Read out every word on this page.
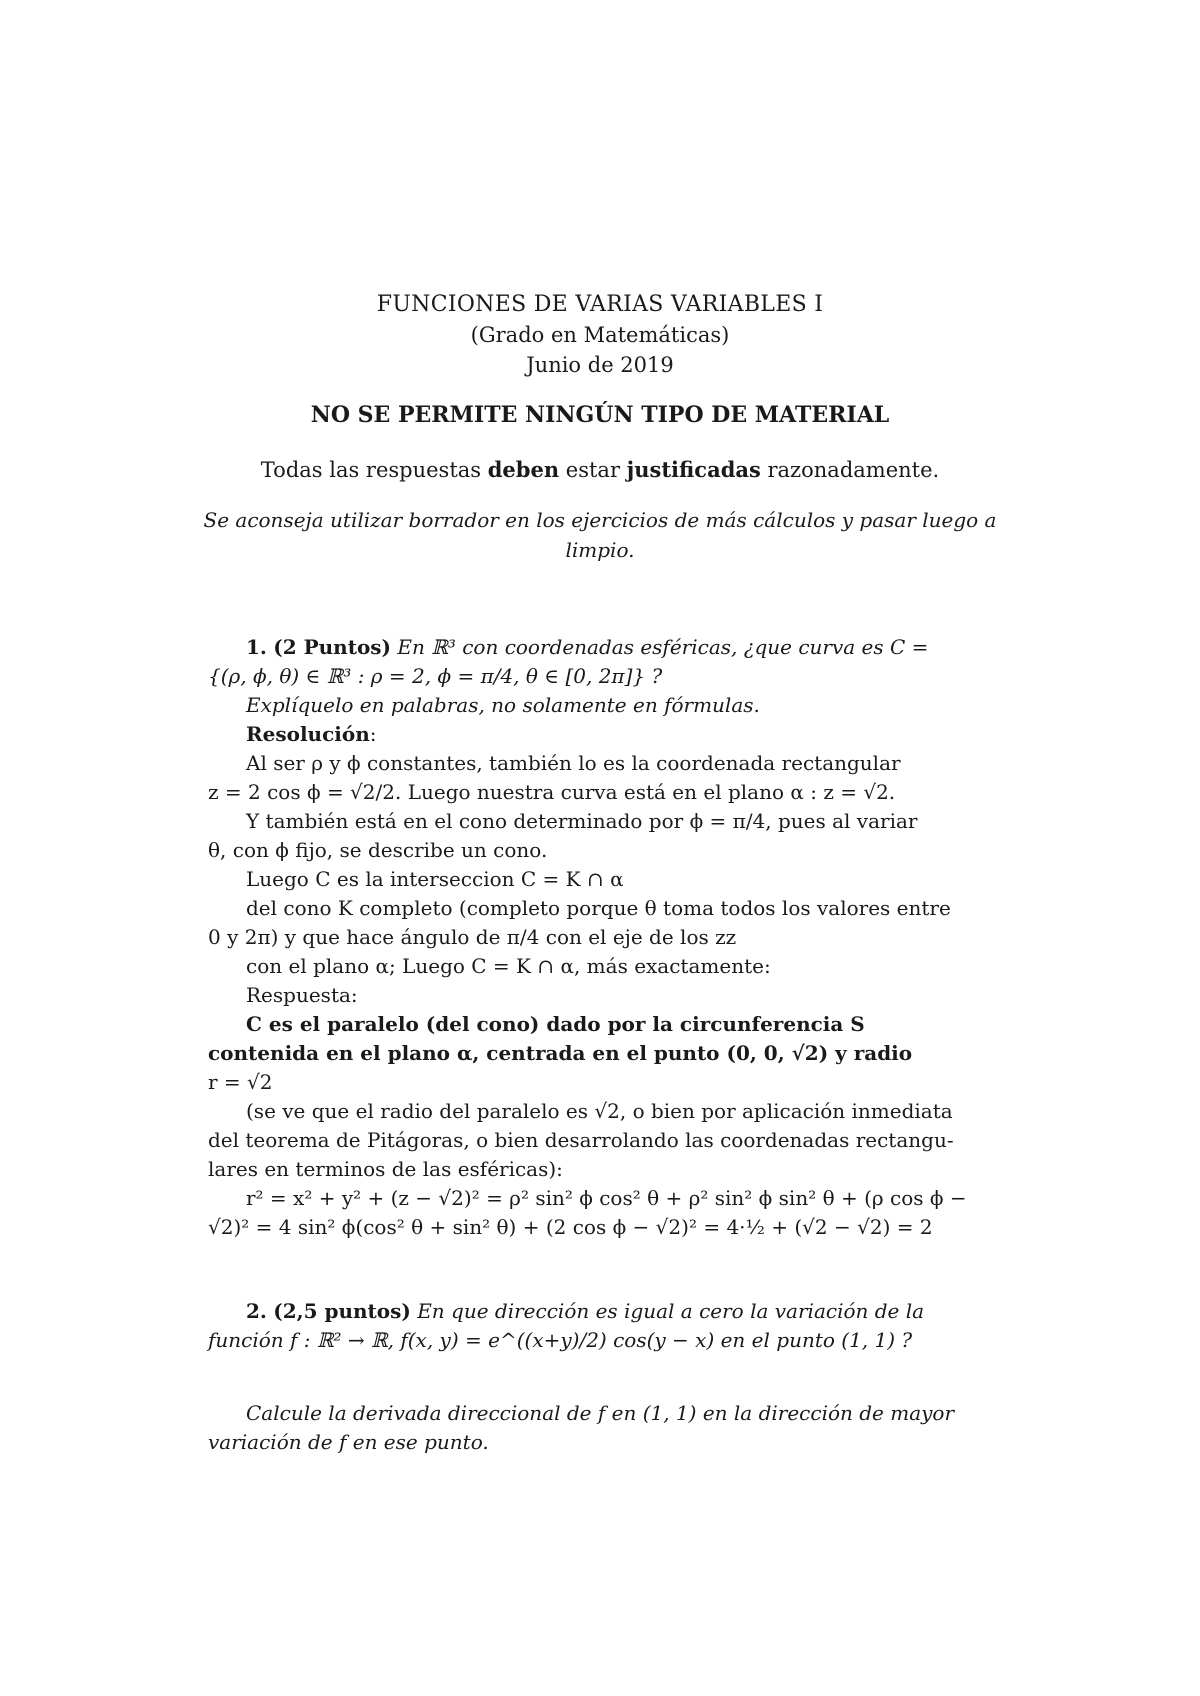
FUNCIONES DE VARIAS VARIABLES I
(Grado en Matemáticas)
Junio de 2019
NO SE PERMITE NINGÚN TIPO DE MATERIAL
Todas las respuestas deben estar justificadas razonadamente.
Se aconseja utilizar borrador en los ejercicios de más cálculos y pasar luego a limpio.
1. (2 Puntos) En ℝ³ con coordenadas esféricas, ¿que curva es C =
{(ρ, ϕ, θ) ∈ ℝ³ : ρ = 2, ϕ = π/4, θ ∈ [0, 2π]} ?
Explíquelo en palabras, no solamente en fórmulas.
Resolución:
Al ser ρ y ϕ constantes, también lo es la coordenada rectangular
z = 2 cos ϕ = √2/2. Luego nuestra curva está en el plano α : z = √2.
Y también está en el cono determinado por ϕ = π/4, pues al variar
θ, con ϕ fijo, se describe un cono.
Luego C es la interseccion C = K ∩ α
del cono K completo (completo porque θ toma todos los valores entre
0 y 2π) y que hace ángulo de π/4 con el eje de los zz
con el plano α; Luego C = K ∩ α, más exactamente:
Respuesta:
C es el paralelo (del cono) dado por la circunferencia S
contenida en el plano α, centrada en el punto (0, 0, √2) y radio
r = √2
(se ve que el radio del paralelo es √2, o bien por aplicación inmediata
del teorema de Pitágoras, o bien desarrolando las coordenadas rectangu-
lares en terminos de las esféricas):
r² = x² + y² + (z − √2)² = ρ² sin² ϕ cos² θ + ρ² sin² ϕ sin² θ + (ρ cos ϕ −
√2)² = 4 sin² ϕ(cos² θ + sin² θ) + (2 cos ϕ − √2)² = 4·½ + (√2 − √2) = 2
2. (2,5 puntos) En que dirección es igual a cero la variación de la
función f : ℝ² → ℝ, f(x, y) = e^((x+y)/2) cos(y − x) en el punto (1, 1) ?
Calcule la derivada direccional de f en (1, 1) en la dirección de mayor
variación de f en ese punto.
